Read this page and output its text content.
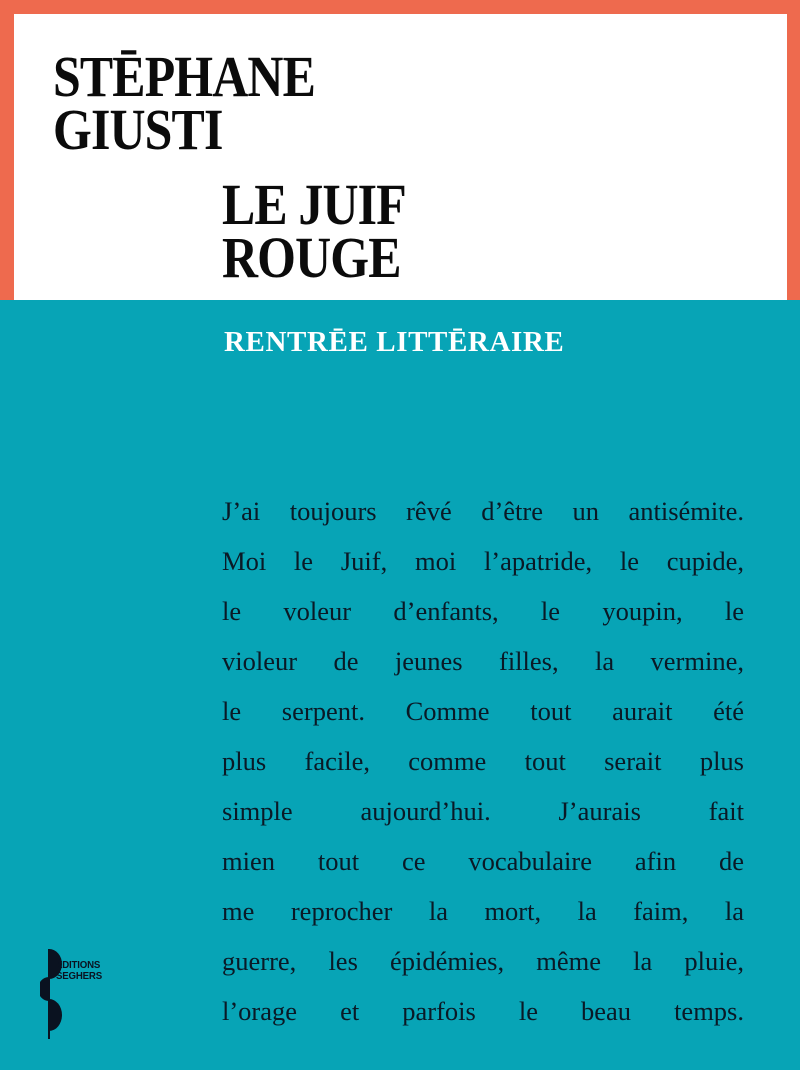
STĒPHANE
GIUSTI
LE JUIF
ROUGE
RENTRĒE LITTĒRAIRE
J’ai toujours rêvé d’être un antisémite.
Moi le Juif, moi l’apatride, le cupide,
le voleur d’enfants, le youpin, le
violeur de jeunes filles, la vermine,
le serpent. Comme tout aurait été
plus facile, comme tout serait plus
simple aujourd’hui. J’aurais fait
mien tout ce vocabulaire afin de
me reprocher la mort, la faim, la
guerre, les épidémies, même la pluie,
l’orage et parfois le beau temps.
ÉDITIONS
SEGHERS
